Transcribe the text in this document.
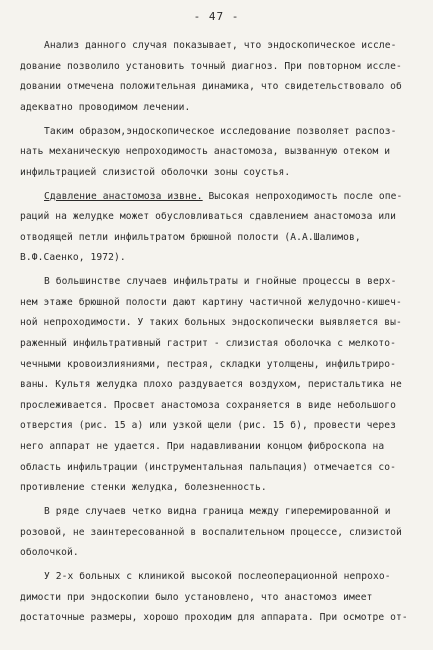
- 47 -
Анализ данного случая показывает, что эндоскопическое иссле-
дование позволило установить точный диагноз. При повторном иссле-
довании отмечена положительная динамика, что свидетельствовало об
адекватно проводимом лечении.
Таким образом,эндоскопическое исследование позволяет распоз-
нать механическую непроходимость анастомоза, вызванную отеком и
инфильтрацией слизистой оболочки зоны соустья.
Сдавление анастомоза извне. Высокая непроходимость после опе-
раций на желудке может обусловливаться сдавлением анастомоза или
отводящей петли инфильтратом брюшной полости (А.А.Шалимов,
В.Ф.Саенко, 1972).
В большинстве случаев инфильтраты и гнойные процессы в верх-
нем этаже брюшной полости дают картину частичной желудочно-кишеч-
ной непроходимости. У таких больных эндоскопически выявляется вы-
раженный инфильтративный гастрит - слизистая оболочка с мелкото-
чечными кровоизлияниями, пестрая, складки утолщены, инфильтриро-
ваны. Культя желудка плохо раздувается воздухом, перистальтика не
прослеживается. Просвет анастомоза сохраняется в виде небольшого
отверстия (рис. 15 а) или узкой щели (рис. 15 б), провести через
него аппарат не удается. При надавливании концом фиброскопа на
область инфильтрации (инструментальная пальпация) отмечается со-
противление стенки желудка, болезненность.
В ряде случаев четко видна граница между гиперемированной и
розовой, не заинтересованной в воспалительном процессе, слизистой
оболочкой.
У 2-х больных с клиникой высокой послеоперационной непрохо-
димости при эндоскопии было установлено, что анастомоз имеет
достаточные размеры, хорошо проходим для аппарата. При осмотре от-
